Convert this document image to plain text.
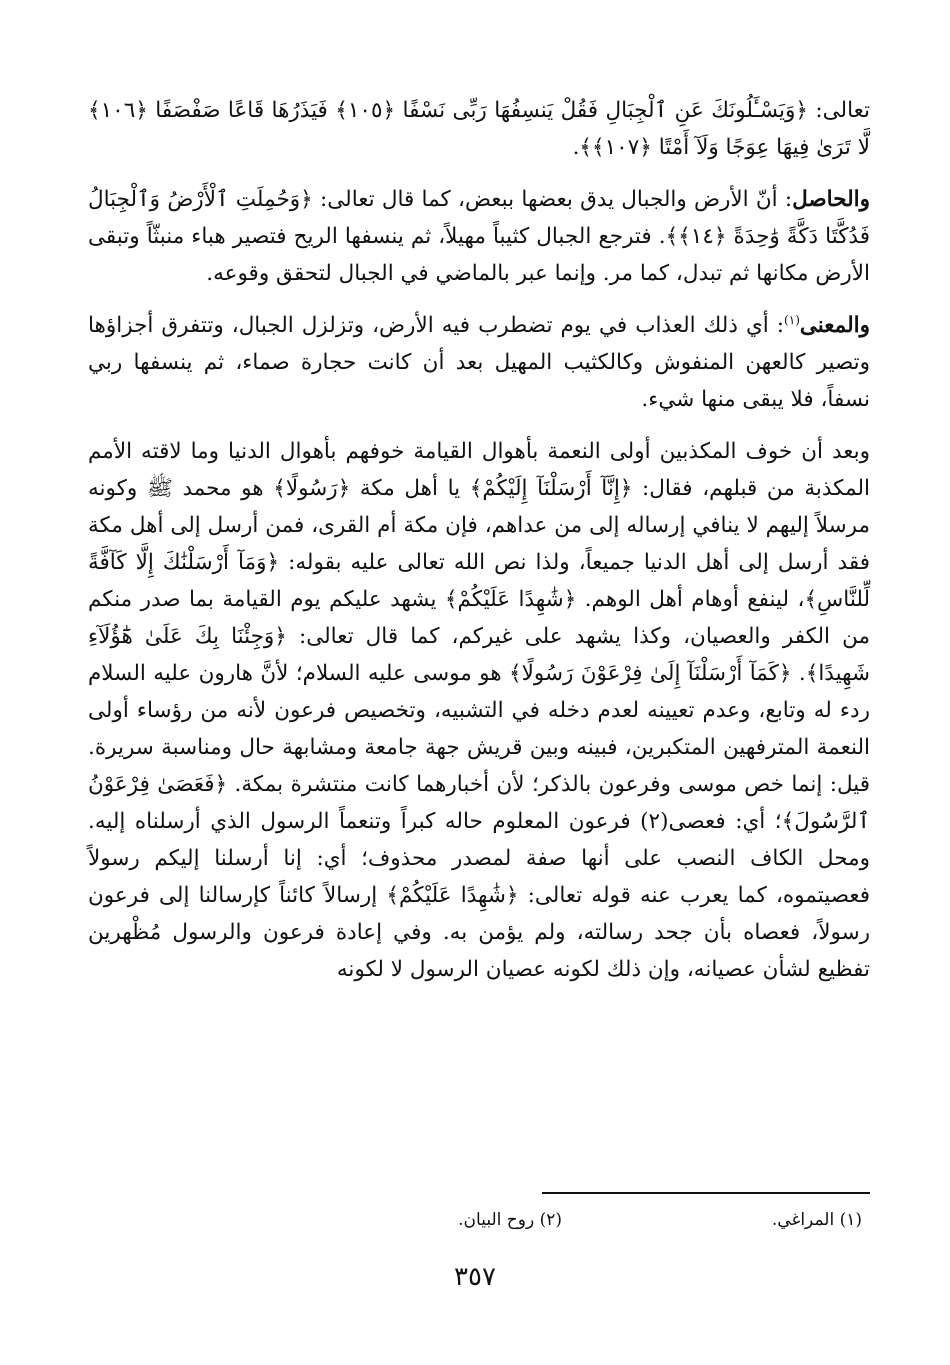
تعالى: ﴿وَيَسْـَٔلُونَكَ عَنِ ٱلْجِبَالِ فَقُلْ يَنسِفُهَا رَبِّى نَسْفًا ﴿١٠٥﴾ فَيَذَرُهَا قَاعًا صَفْصَفًا ﴿١٠٦﴾ لَّا تَرَىٰ فِيهَا عِوَجًا وَلَآ أَمْتًا ﴿١٠٧﴾﴾.

والحاصل: أنّ الأرض والجبال يدق بعضها ببعض، كما قال تعالى: ﴿وَحُمِلَتِ ٱلْأَرْضُ وَٱلْجِبَالُ فَدُكَّتَا دَكَّةً وَٰحِدَةً ﴿١٤﴾﴾. فترجع الجبال كثيباً مهيلاً، ثم ينسفها الريح فتصير هباء منبثّاً وتبقى الأرض مكانها ثم تبدل، كما مر. وإنما عبر بالماضي في الجبال لتحقق وقوعه.

والمعنى$^{(١)}$: أي ذلك العذاب في يوم تضطرب فيه الأرض، وتزلزل الجبال، وتتفرق أجزاؤها وتصير كالعهن المنفوش وكالكثيب المهيل بعد أن كانت حجارة صماء، ثم ينسفها ربي نسفاً، فلا يبقى منها شيء.

وبعد أن خوف المكذبين أولى النعمة بأهوال القيامة خوفهم بأهوال الدنيا وما لاقته الأمم المكذبة من قبلهم، فقال: ﴿إِنَّآ أَرْسَلْنَآ إِلَيْكُمْ﴾ يا أهل مكة ﴿رَسُولًا﴾ هو محمد ﷺ وكونه مرسلاً إليهم لا ينافي إرساله إلى من عداهم، فإن مكة أم القرى، فمن أرسل إلى أهل مكة فقد أرسل إلى أهل الدنيا جميعاً، ولذا نص الله تعالى عليه بقوله: ﴿وَمَآ أَرْسَلْنَٰكَ إِلَّا كَآفَّةً لِّلنَّاسِ﴾، لينفع أوهام أهل الوهم. ﴿شَٰهِدًا عَلَيْكُمْ﴾ يشهد عليكم يوم القيامة بما صدر منكم من الكفر والعصيان، وكذا يشهد على غيركم، كما قال تعالى: ﴿وَجِئْنَا بِكَ عَلَىٰ هَٰٓؤُلَآءِ شَهِيدًا﴾. ﴿كَمَآ أَرْسَلْنَآ إِلَىٰ فِرْعَوْنَ رَسُولًا﴾ هو موسى عليه السلام؛ لأنَّ هارون عليه السلام ردء له وتابع، وعدم تعيينه لعدم دخله في التشبيه، وتخصيص فرعون لأنه من رؤساء أولى النعمة المترفهين المتكبرين، فبينه وبين قريش جهة جامعة ومشابهة حال ومناسبة سريرة. قيل: إنما خص موسى وفرعون بالذكر؛ لأن أخبارهما كانت منتشرة بمكة. ﴿فَعَصَىٰ فِرْعَوْنُ ٱلرَّسُولَ﴾؛ أي: فعصى(٢) فرعون المعلوم حاله كبراً وتنعماً الرسول الذي أرسلناه إليه. ومحل الكاف النصب على أنها صفة لمصدر محذوف؛ أي: إنا أرسلنا إليكم رسولاً فعصيتموه، كما يعرب عنه قوله تعالى: ﴿شَٰهِدًا عَلَيْكُمْ﴾ إرسالاً كائناً كإرسالنا إلى فرعون رسولاً، فعصاه بأن جحد رسالته، ولم يؤمن به. وفي إعادة فرعون والرسول مُظْهرين تفظيع لشأن عصيانه، وإن ذلك لكونه عصيان الرسول لا لكونه

(١) المراغي.
(٢) روح البيان.
٣٥٧
